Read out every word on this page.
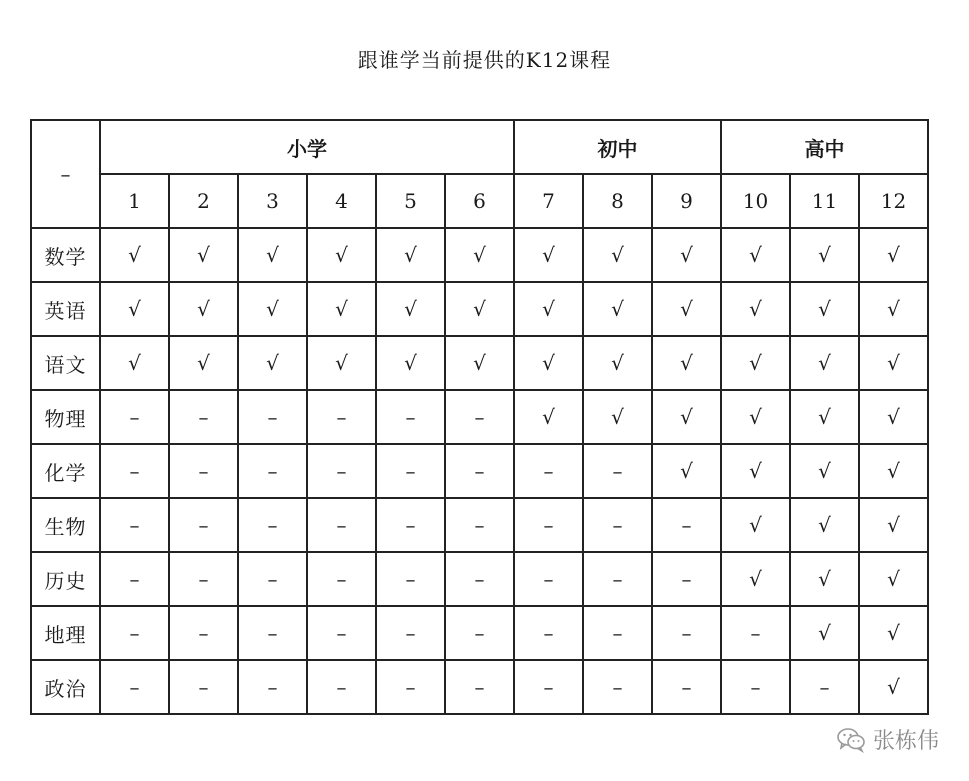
跟谁学当前提供的K12课程
–	小学						初中			高中		
	1	2	3	4	5	6	7	8	9	10	11	12
数学	√	√	√	√	√	√	√	√	√	√	√	√
英语	√	√	√	√	√	√	√	√	√	√	√	√
语文	√	√	√	√	√	√	√	√	√	√	√	√
物理	–	–	–	–	–	–	√	√	√	√	√	√
化学	–	–	–	–	–	–	–	–	√	√	√	√
生物	–	–	–	–	–	–	–	–	–	√	√	√
历史	–	–	–	–	–	–	–	–	–	√	√	√
地理	–	–	–	–	–	–	–	–	–	–	√	√
政治	–	–	–	–	–	–	–	–	–	–	–	√
张栋伟
